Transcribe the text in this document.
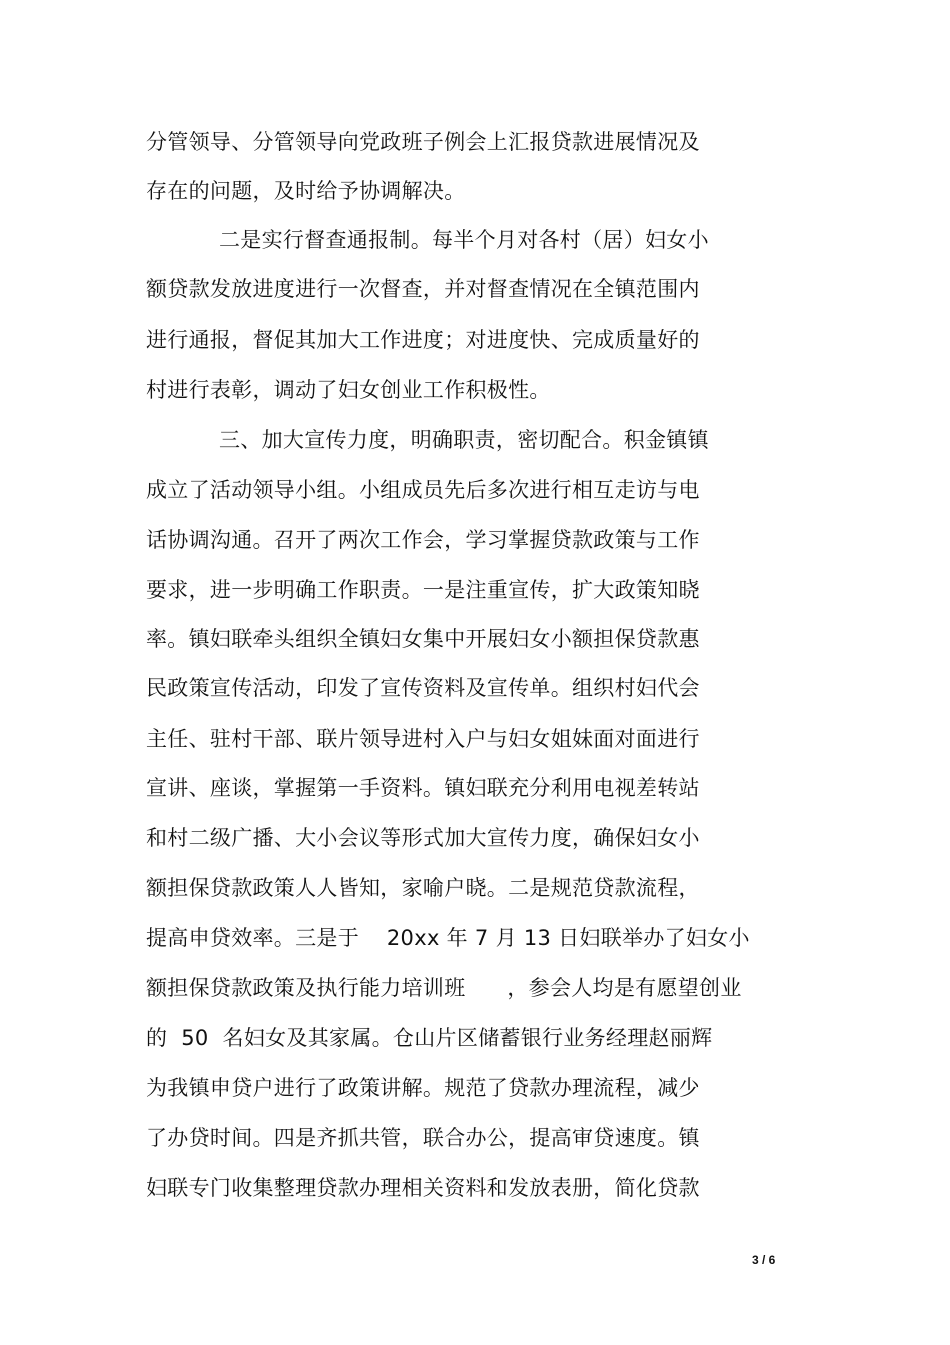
分管领导、分管领导向党政班子例会上汇报贷款进展情况及
存在的问题，及时给予协调解决。
二是实行督查通报制。每半个月对各村（居）妇女小
额贷款发放进度进行一次督查，并对督查情况在全镇范围内
进行通报，督促其加大工作进度；对进度快、完成质量好的
村进行表彰，调动了妇女创业工作积极性。
三、加大宣传力度，明确职责，密切配合。积金镇镇
成立了活动领导小组。小组成员先后多次进行相互走访与电
话协调沟通。召开了两次工作会，学习掌握贷款政策与工作
要求，进一步明确工作职责。一是注重宣传，扩大政策知晓
率。镇妇联牵头组织全镇妇女集中开展妇女小额担保贷款惠
民政策宣传活动，印发了宣传资料及宣传单。组织村妇代会
主任、驻村干部、联片领导进村入户与妇女姐妹面对面进行
宣讲、座谈，掌握第一手资料。镇妇联充分利用电视差转站
和村二级广播、大小会议等形式加大宣传力度，确保妇女小
额担保贷款政策人人皆知，家喻户晓。二是规范贷款流程，
提高申贷效率。三是于    20xx 年 7 月 13 日妇联举办了妇女小
额担保贷款政策及执行能力培训班      ，参会人均是有愿望创业
的  50  名妇女及其家属。仓山片区储蓄银行业务经理赵丽辉
为我镇申贷户进行了政策讲解。规范了贷款办理流程，减少
了办贷时间。四是齐抓共管，联合办公，提高审贷速度。镇
妇联专门收集整理贷款办理相关资料和发放表册，简化贷款
3 / 6
